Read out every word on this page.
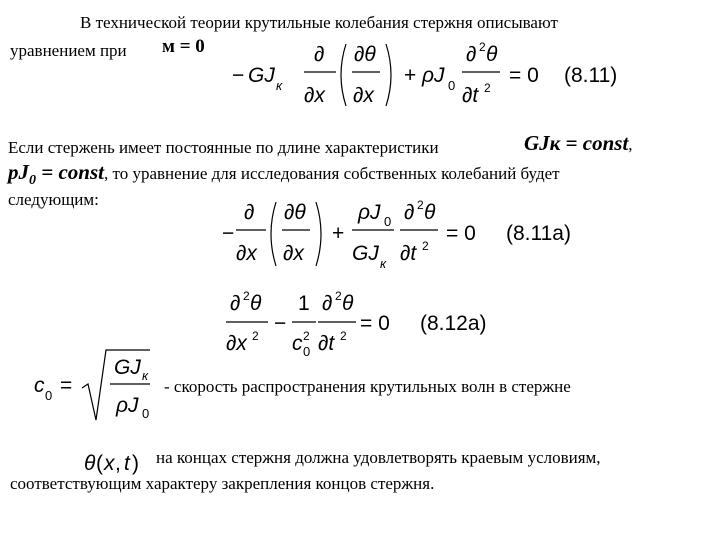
В технической теории крутильные колебания стержня описывают
уравнением при м = 0
− GJ к
∂
∂x
∂θ
∂x
+ ρJ 0
∂ 2 θ
∂t 2
= 0 (8.11)
Если стержень имеет постоянные по длине характеристики	GJк = const,
$рJ_0$ = const, то уравнение для исследования собственных колебаний будет
следующим:
−
∂
∂x
∂θ
∂x
+
ρJ 0
GJ к
∂ 2 θ
∂t 2
= 0 (8.11a)
∂ 2 θ
∂x 2
−
1
c 2
0
∂ 2 θ
∂t 2
= 0 (8.12a)
c 0 =
GJ к
ρJ 0
- скорость распространения крутильных волн в стержне
θ ( x , t ) на концах стержня должна удовлетворять краевым условиям,
соответствующим характеру закрепления концов стержня.
